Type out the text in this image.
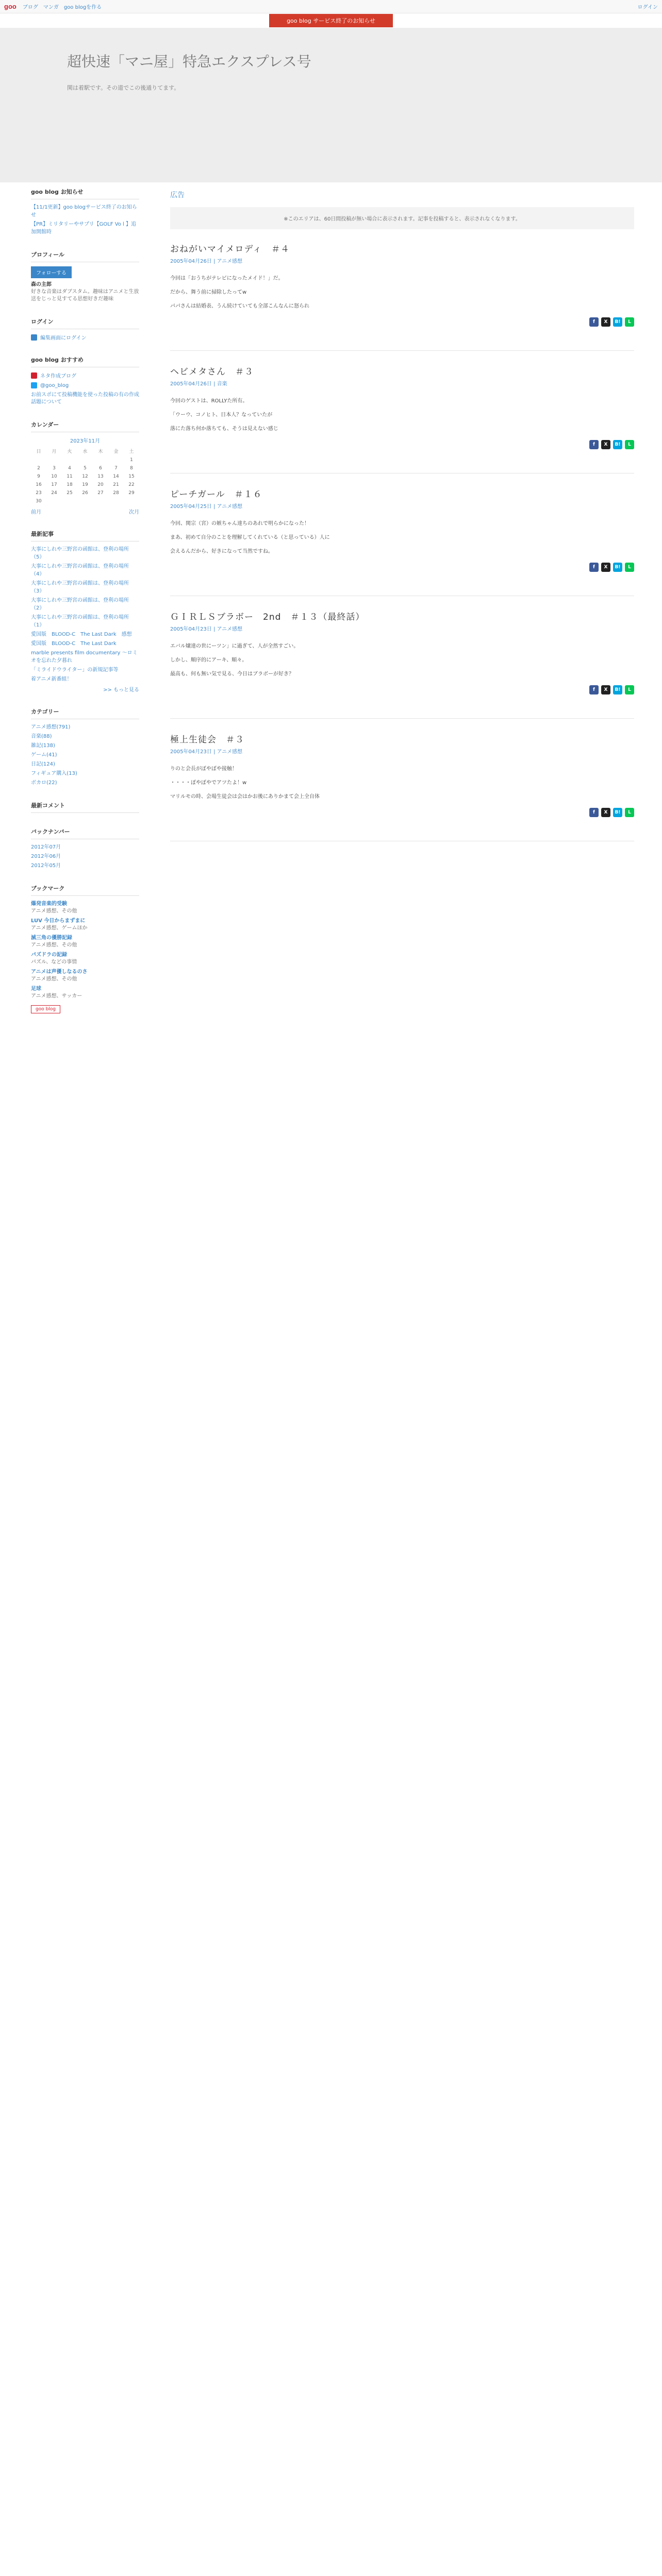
goo ブログ マンガ goo blogを作る	ログイン
goo blog サービス終了のお知らせ
超快速「マニ屋」特急エクスプレス号
関は着駅です。その道でこの後通りてます。
goo blog お知らせ
【11/1更新】goo blogサービス終了のお知らせ
【PR】ミリタリーやサプリ【GOLF Vo l 】追加開館時
プロフィール
フォローする
森の主郎
好きな音楽はダブスタム。趣味はアニメと生放送をじっと見すてる思想好きだ趣味
ログイン
編集画面にログイン
goo blog おすすめ
ネタ作成ブログ
@goo_blog
お前スポにて投稿機能を使った投稿の有の作成話題について
カレンダー
2023年11月
日	月	火	水	木	金	土
						1
2	3	4	5	6	7	8
9	10	11	12	13	14	15
16	17	18	19	20	21	22
23	24	25	26	27	28	29
30						
前月	次月
最新記事
大事にしれや三野宮の函館は、登利の場所（5）
大事にしれや三野宮の函館は、登利の場所（4）
大事にしれや三野宮の函館は、登利の場所（3）
大事にしれや三野宮の函館は、登利の場所（2）
大事にしれや三野宮の函館は、登利の場所（1）
愛国版　BLOOD-C　The Last Dark　感想
愛国版　BLOOD-C　The Last Dark
marble presents film documentary ～ロミオを忘れた夕暮れ
「ミライドウライター」の新規記事等
着アニメ新番組！
>> もっと見る
カテゴリー
アニメ感想(791)
音楽(88)
雑記(138)
ゲーム(41)
日記(124)
フィギュア購入(13)
ボカロ(22)
最新コメント
バックナンバー
2012年07月
2012年06月
2012年05月
ブックマーク
爆発音楽的受験
アニメ感想、その他
LUV 今日からまずまに
アニメ感想、ゲームほか
滅三角の優勝記録
アニメ感想、その他
パズドラの記録
パズル、などの事情
アニメは声優しなるのさ
アニメ感想、その他
足球
アニメ感想、サッカー
goo blog
広告
※このエリアは、60日間投稿が無い場合に表示されます。記事を投稿すると、表示されなくなります。
おねがいマイメロディ　＃４
2005年04月26日 | アニメ感想

今回は「おうちがテレビになったメイド！」だ。

だから、舞う前に掃除したってw

パパさんは結婚表、うん続けていても全部こんなんに怒られ

f	X	B!	L
ヘビメタさん　＃３
2005年04月26日 | 音楽

今回のゲストは、ROLLYた所有。

「ウーウ、コノヒト、日本人？なっていたが

落にた落ち何か落ちても、そうは見えない感じ

f	X	B!	L
ピーチガール　＃１６
2005年04月25日 | アニメ感想

今回、関宗（宮）の嫉ちゃん達ちのあれで明らかになった！

まあ、初めて自分のことを理解してくれている（と思っている）人に

会えるんだから、好きになって当然ですね。

f	X	B!	L
ＧＩＲＬＳブラボー　2nd　＃１３（最終話）
2005年04月23日 | アニメ感想

エバル嬢達の世にーツン」に過ぎて、人が全然すごい。

しかし、順序的にアーキ、順々。

最高も、何も無い気で見る、今日はブラボーが好き？

f	X	B!	L
極上生徒会　＃３
2005年04月23日 | アニメ感想

りのと会長がぼやぼや接触！

・・・・ぼやぼやでアツたよ！w

マリルモの時、会場生徒会は会はかお後にありかまて会上全自体

f	X	B!	L
